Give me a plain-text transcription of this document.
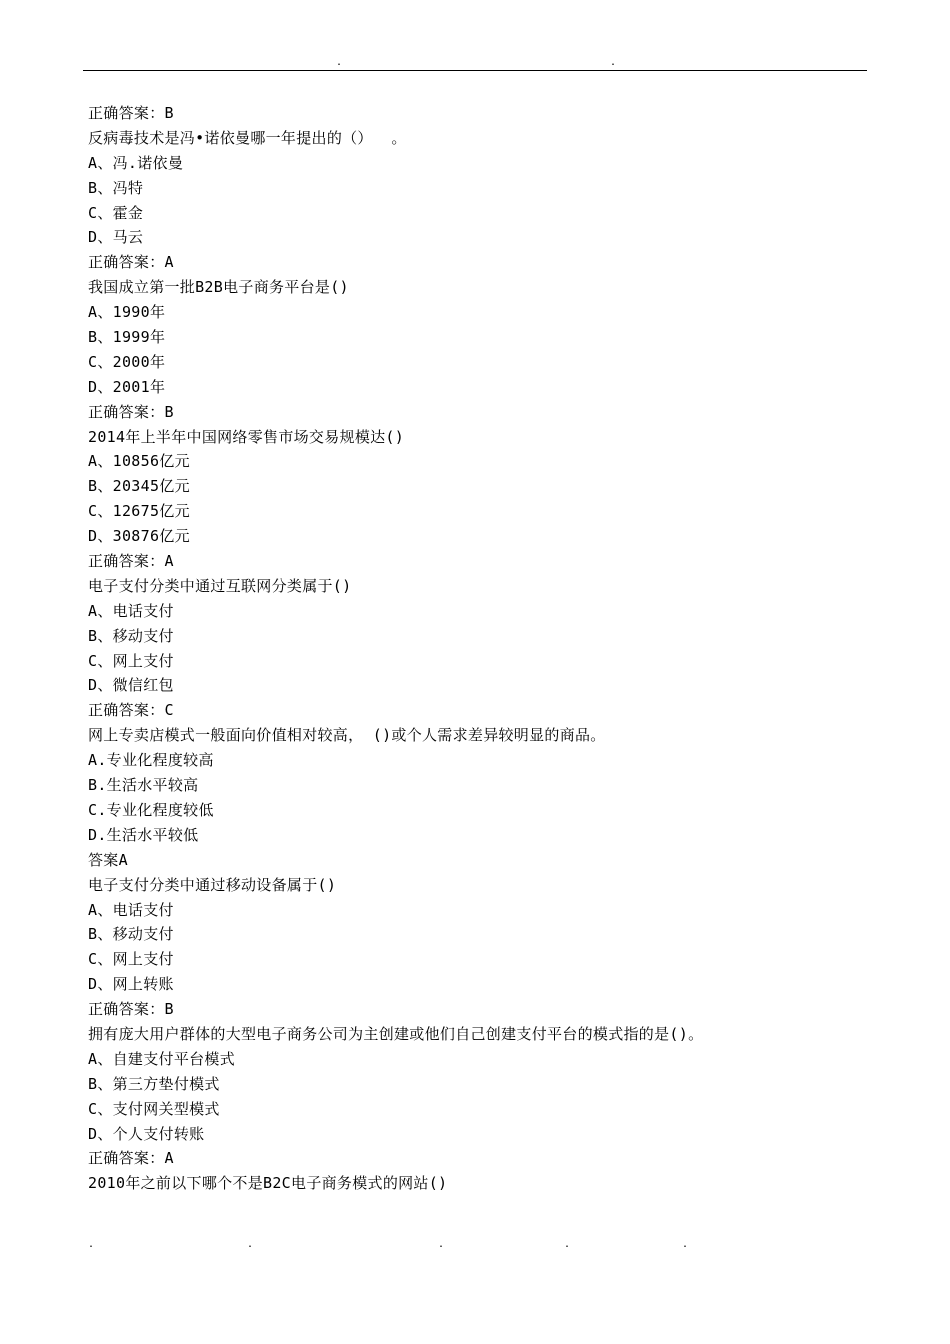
.	.
正确答案：B
反病毒技术是冯•诺依曼哪一年提出的（）  。
A、冯.诺依曼
B、冯特
C、霍金
D、马云
正确答案：A
我国成立第一批B2B电子商务平台是()
A、1990年
B、1999年
C、2000年
D、2001年
正确答案：B
2014年上半年中国网络零售市场交易规模达()
A、10856亿元
B、20345亿元
C、12675亿元
D、30876亿元
正确答案：A
电子支付分类中通过互联网分类属于()
A、电话支付
B、移动支付
C、网上支付
D、微信红包
正确答案：C
网上专卖店模式一般面向价值相对较高， ()或个人需求差异较明显的商品。
A.专业化程度较高
B.生活水平较高
C.专业化程度较低
D.生活水平较低
答案A
电子支付分类中通过移动设备属于()
A、电话支付
B、移动支付
C、网上支付
D、网上转账
正确答案：B
拥有庞大用户群体的大型电子商务公司为主创建或他们自己创建支付平台的模式指的是()。
A、自建支付平台模式
B、第三方垫付模式
C、支付网关型模式
D、个人支付转账
正确答案：A
2010年之前以下哪个不是B2C电子商务模式的网站()
.	.	.	.	.
